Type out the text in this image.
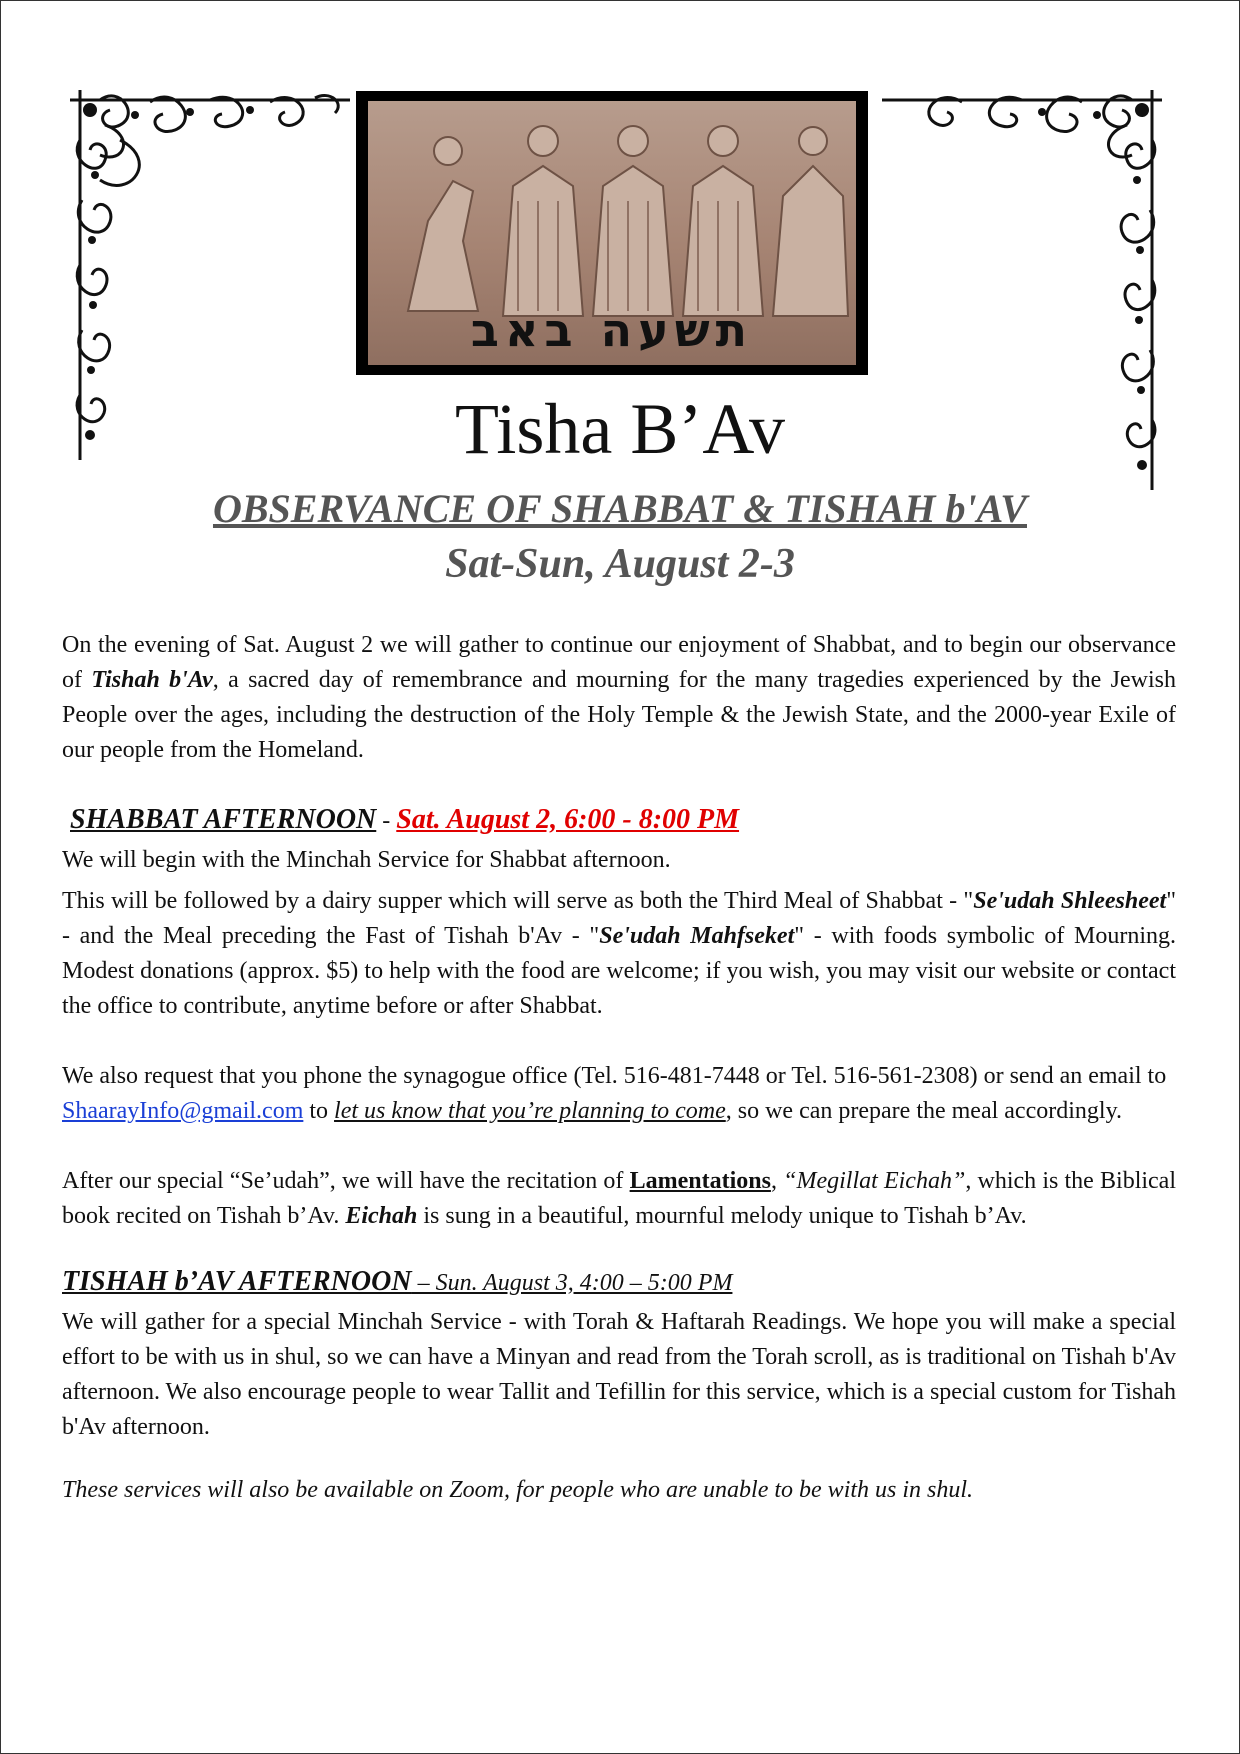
תשעה באב
Tisha B’Av
OBSERVANCE OF SHABBAT & TISHAH b'AV
Sat-Sun, August 2-3

On the evening of Sat. August 2 we will gather to continue our enjoyment of Shabbat, and to begin our observance of Tishah b'Av, a sacred day of remembrance and mourning for the many tragedies experienced by the Jewish People over the ages, including the destruction of the Holy Temple & the Jewish State, and the 2000-year Exile of our people from the Homeland.

SHABBAT AFTERNOON - Sat. August 2, 6:00 - 8:00 PM

We will begin with the Minchah Service for Shabbat afternoon.

This will be followed by a dairy supper which will serve as both the Third Meal of Shabbat - "Se'udah Shleesheet" - and the Meal preceding the Fast of Tishah b'Av - "Se'udah Mahfseket" - with foods symbolic of Mourning. Modest donations (approx. $5) to help with the food are welcome; if you wish, you may visit our website or contact the office to contribute, anytime before or after Shabbat.

We also request that you phone the synagogue office (Tel. 516-481-7448 or Tel. 516-561-2308) or send an email to ShaarayInfo@gmail.com to let us know that you’re planning to come, so we can prepare the meal accordingly.

After our special “Se’udah”, we will have the recitation of Lamentations, “Megillat Eichah”, which is the Biblical book recited on Tishah b’Av. Eichah is sung in a beautiful, mournful melody unique to Tishah b’Av.

TISHAH b’AV AFTERNOON – Sun. August 3, 4:00 – 5:00 PM

We will gather for a special Minchah Service - with Torah & Haftarah Readings. We hope you will make a special effort to be with us in shul, so we can have a Minyan and read from the Torah scroll, as is traditional on Tishah b'Av afternoon. We also encourage people to wear Tallit and Tefillin for this service, which is a special custom for Tishah b'Av afternoon.

These services will also be available on Zoom, for people who are unable to be with us in shul.
